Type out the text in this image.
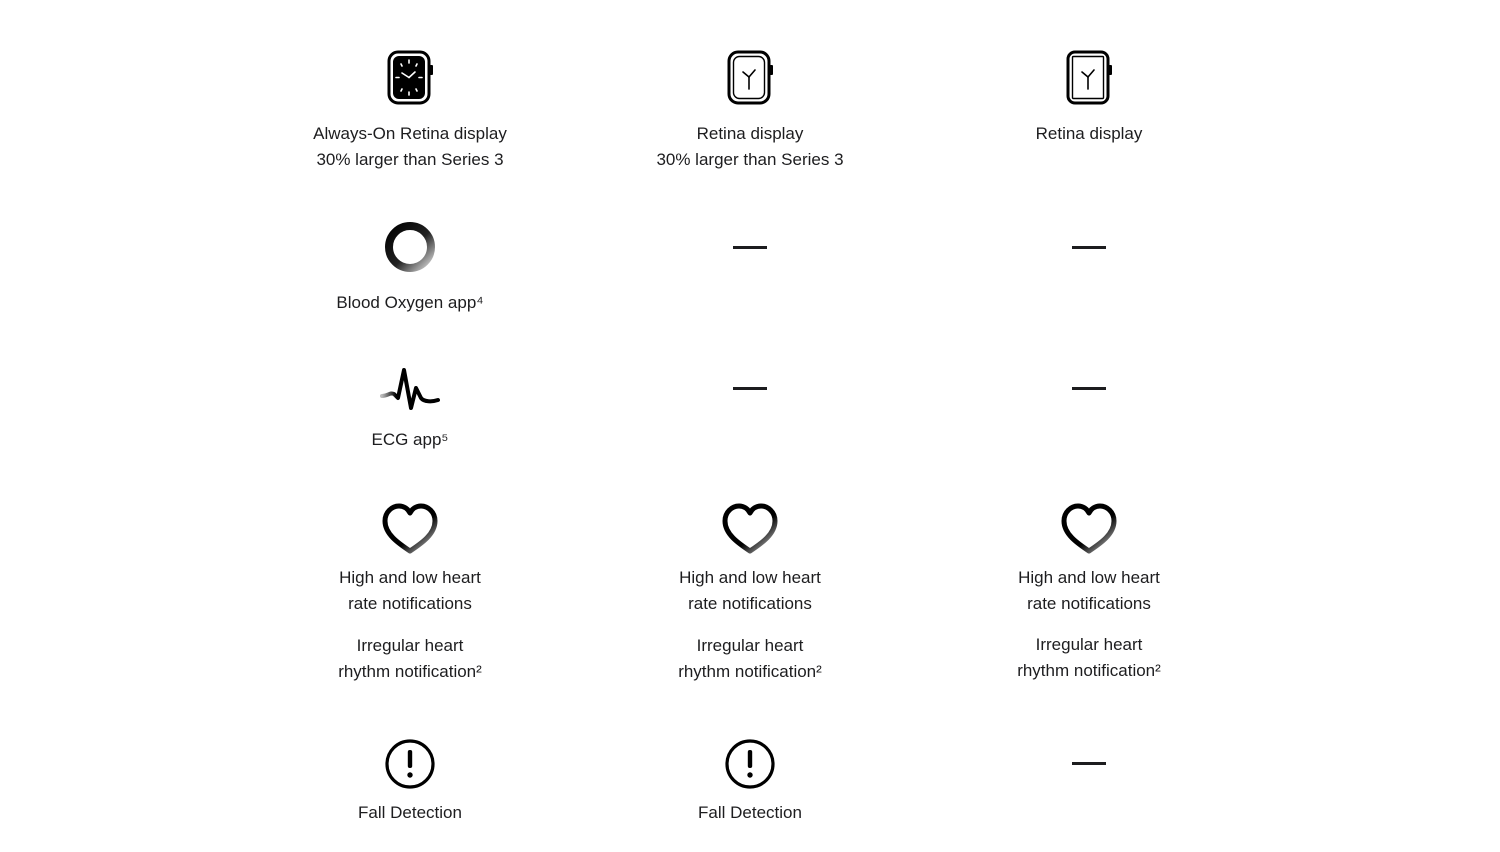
Always-On Retina display
30% larger than Series 3
Retina display
30% larger than Series 3
Retina display
Blood Oxygen app⁴
ECG app⁵
High and low heart
rate notifications
Irregular heart
rhythm notification²
High and low heart
rate notifications
Irregular heart
rhythm notification²
High and low heart
rate notifications
Irregular heart
rhythm notification²
Fall Detection	Fall Detection
